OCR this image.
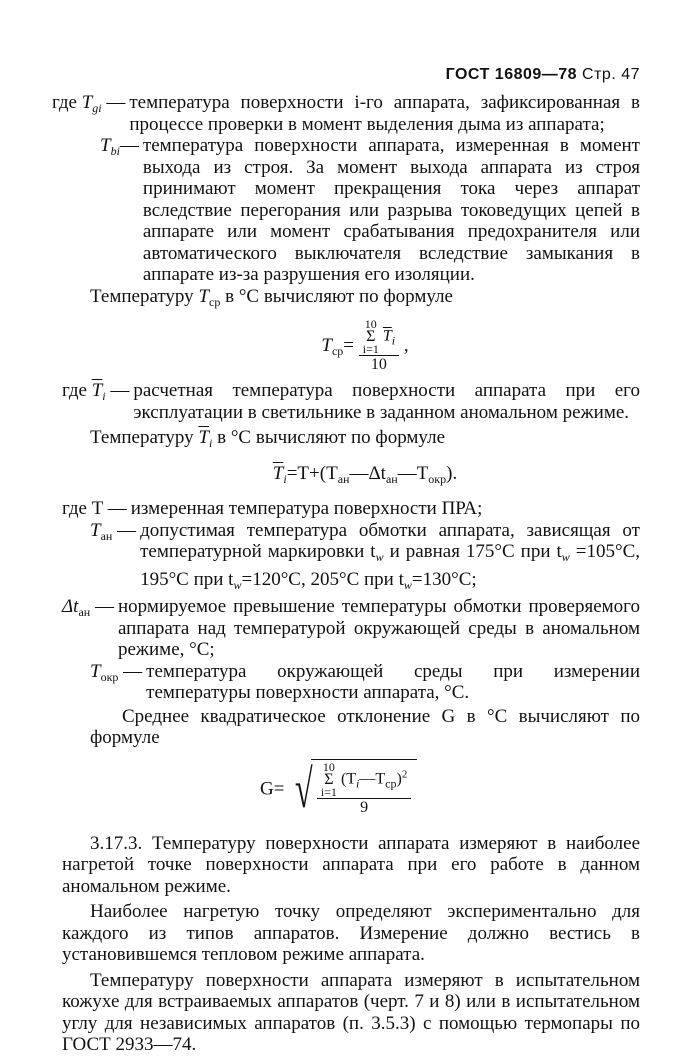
ГОСТ 16809—78 Стр. 47
где $T_{gi}$ — температура поверхности i-го аппарата, зафиксированная в процессе проверки в момент выделения дыма из аппарата;
$T_{bi}—$ температура поверхности аппарата, измеренная в момент выхода из строя. За момент выхода аппарата из строя принимают момент прекращения тока через аппарат вследствие перегорания или разрыва токоведущих цепей в аппарате или момент срабатывания предохранителя или автоматического выключателя вследствие замыкания в аппарате из-за разрушения его изоляции.
Температуру $T_{ср}$ в °C вычисляют по формуле
$T_{ср}= 10$
Σ
i=1
$\overline{T}_i$
10 ,
где $\overline{T}_i$ — расчетная температура поверхности аппарата при его эксплуатации в светильнике в заданном аномальном режиме.
Температуру $\overline{T}_i$ в °C вычисляют по формуле
$\overline{T}_i=T+(T_{ан}—\Delta t_{ан}—T_{окр})$.
где T — измеренная температура поверхности ПРА;
$T_{ан}$ — допустимая температура обмотки аппарата, зависящая от температурной маркировки $t_w$ и равная 175°C при $t_w =105^\circ C$, 195°C при $t_w=120^\circ C$, 205°C при $t_w=130^\circ C$;
$\Delta t_{ан}$ — нормируемое превышение температуры обмотки проверяемого аппарата над температурой окружающей среды в аномальном режиме, °C;
$T_{окр}$ — температура окружающей среды при измерении температуры поверхности аппарата, °C.
Среднее квадратическое отклонение G в °C вычисляют по формуле
G= √ 10
Σ
i=1
$(T_i—T_{ср})^2$
9
3.17.3. Температуру поверхности аппарата измеряют в наиболее нагретой точке поверхности аппарата при его работе в данном аномальном режиме.
Наиболее нагретую точку определяют экспериментально для каждого из типов аппаратов. Измерение должно вестись в установившемся тепловом режиме аппарата.
Температуру поверхности аппарата измеряют в испытательном кожухе для встраиваемых аппаратов (черт. 7 и 8) или в испытательном углу для независимых аппаратов (п. 3.5.3) с помощью термопары по ГОСТ 2933—74.
